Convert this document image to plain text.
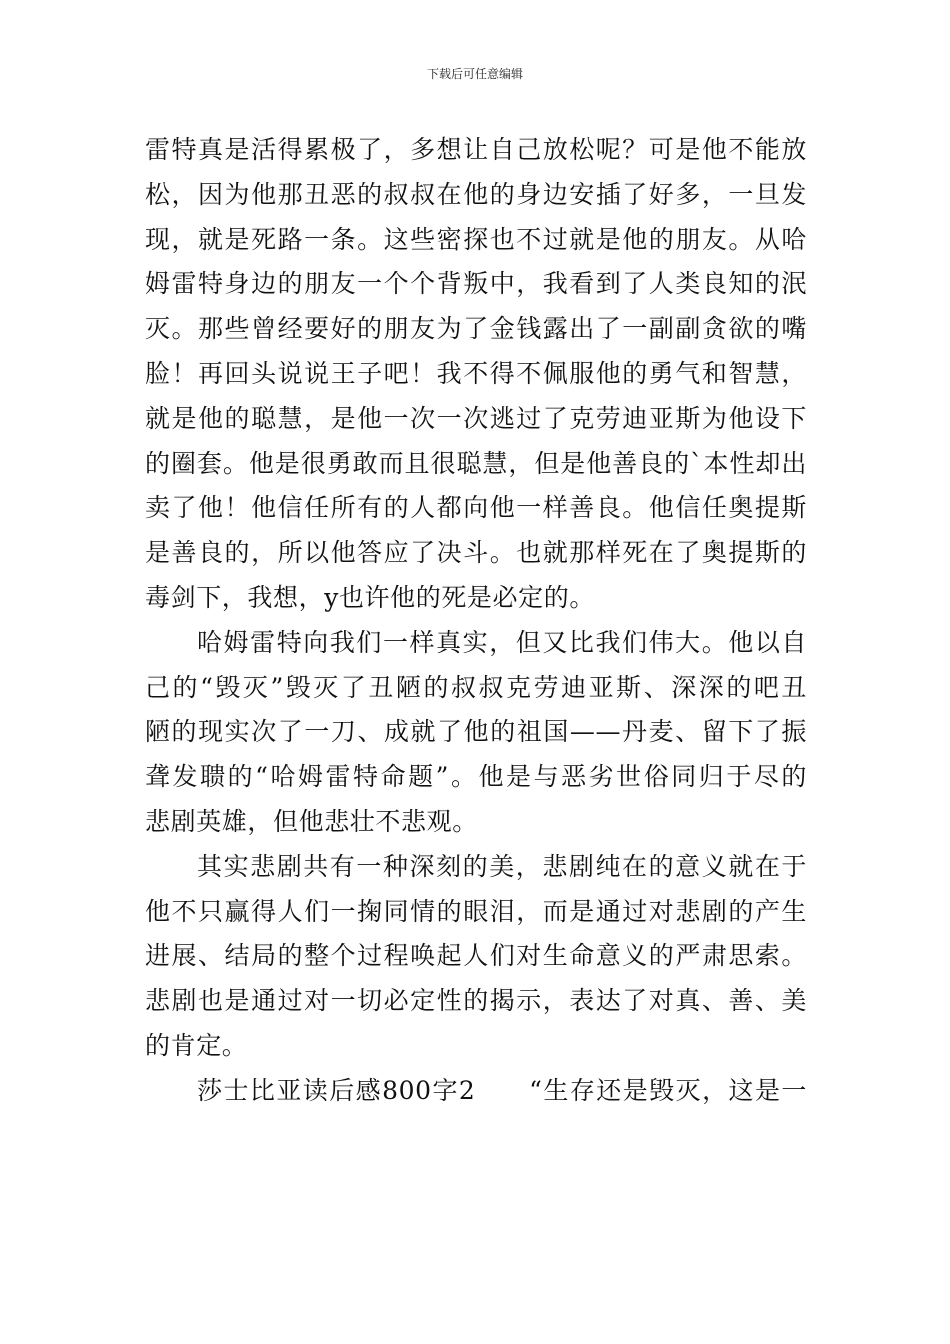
下载后可任意编辑
雷特真是活得累极了，多想让自己放松呢？可是他不能放
松，因为他那丑恶的叔叔在他的身边安插了好多，一旦发
现，就是死路一条。这些密探也不过就是他的朋友。从哈
姆雷特身边的朋友一个个背叛中，我看到了人类良知的泯
灭。那些曾经要好的朋友为了金钱露出了一副副贪欲的嘴
脸！再回头说说王子吧！我不得不佩服他的勇气和智慧，
就是他的聪慧，是他一次一次逃过了克劳迪亚斯为他设下
的圈套。他是很勇敢而且很聪慧，但是他善良的`本性却出
卖了他！他信任所有的人都向他一样善良。他信任奥提斯
是善良的，所以他答应了决斗。也就那样死在了奥提斯的
毒剑下，我想，y也许他的死是必定的。
哈姆雷特向我们一样真实，但又比我们伟大。他以自
己的“毁灭”毁灭了丑陋的叔叔克劳迪亚斯、深深的吧丑
陋的现实次了一刀、成就了他的祖国——丹麦、留下了振
聋发聩的“哈姆雷特命题”。他是与恶劣世俗同归于尽的
悲剧英雄，但他悲壮不悲观。
其实悲剧共有一种深刻的美，悲剧纯在的意义就在于
他不只赢得人们一掬同情的眼泪，而是通过对悲剧的产生
进展、结局的整个过程唤起人们对生命意义的严肃思索。
悲剧也是通过对一切必定性的揭示，表达了对真、善、美
的肯定。
莎士比亚读后感800字2　　“生存还是毁灭，这是一
